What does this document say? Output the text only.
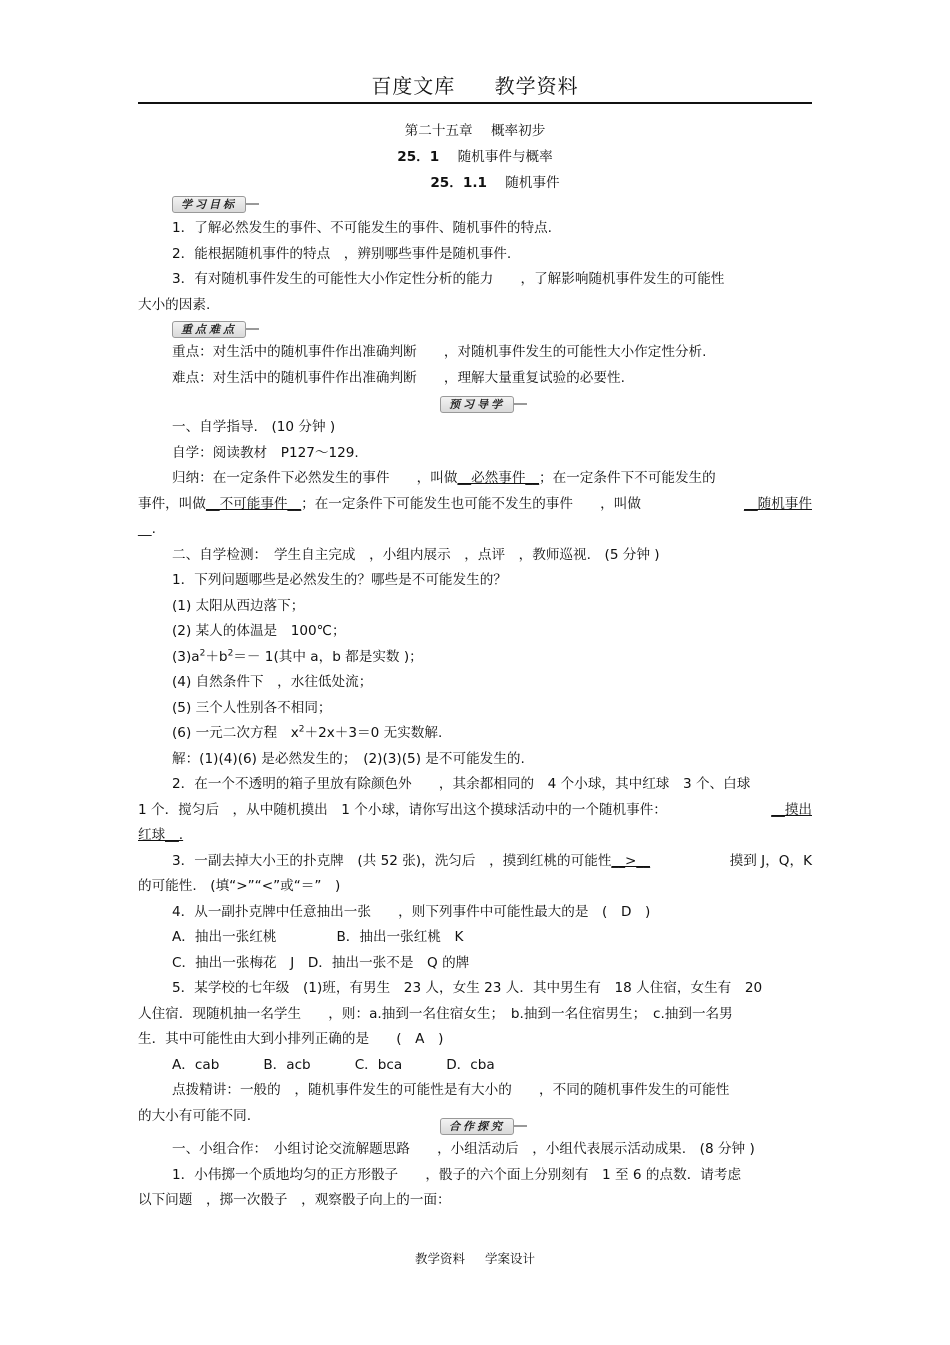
百度文库 教学资料
第二十五章 概率初步
25．1 随机事件与概率
25．1.1 随机事件
学习目标
1．了解必然发生的事件、不可能发生的事件、随机事件的特点.
2．能根据随机事件的特点　，辨别哪些事件是随机事件.
3．有对随机事件发生的可能性大小作定性分析的能力　　，了解影响随机事件发生的可能性
大小的因素.
重点难点
重点：对生活中的随机事件作出准确判断　　，对随机事件发生的可能性大小作定性分析.
难点：对生活中的随机事件作出准确判断　　，理解大量重复试验的必要性.
预习导学
一、自学指导.　(10 分钟 )
自学：阅读教材　P127～129.
归纳：在一定条件下必然发生的事件　　，叫做__必然事件__；在一定条件下不可能发生的
事件，叫做__不可能事件__；在一定条件下可能发生也可能不发生的事件　　，叫做	__随机事件
__.
二、自学检测：　学生自主完成　，小组内展示　，点评　，教师巡视.　(5 分钟 )
1．下列问题哪些是必然发生的？哪些是不可能发生的？
(1) 太阳从西边落下；
(2) 某人的体温是　100℃；
$(3)a^2+b^2=- 1$(其中 a，b 都是实数 )；
(4) 自然条件下　，水往低处流；
(5) 三个人性别各不相同；
(6) 一元二次方程　$x^2+2x+3=0$ 无实数解.
解：(1)(4)(6) 是必然发生的；　(2)(3)(5) 是不可能发生的.
2．在一个不透明的箱子里放有除颜色外　　，其余都相同的　4 个小球，其中红球　3 个、白球
1 个．搅匀后　，从中随机摸出　1 个小球，请你写出这个摸球活动中的一个随机事件：	__摸出
红球__.
3．一副去掉大小王的扑克牌　(共 52 张)，洗匀后　，摸到红桃的可能性__>__	摸到 J，Q，K
的可能性.　(填“>”“<”或“＝”　)
4．从一副扑克牌中任意抽出一张　　，则下列事件中可能性最大的是　(　D　)
A．抽出一张红桃	B．抽出一张红桃　K
C．抽出一张梅花　J　D．抽出一张不是　Q 的牌
5．某学校的七年级　(1)班，有男生　23 人，女生 23 人．其中男生有　18 人住宿，女生有　20
人住宿．现随机抽一名学生　　，则：a.抽到一名住宿女生；　b.抽到一名住宿男生；　c.抽到一名男
生．其中可能性由大到小排列正确的是　　(　A　)
A．cab	B．acb	C．bca	D．cba
点拨精讲：一般的　，随机事件发生的可能性是有大小的　　，不同的随机事件发生的可能性
的大小有可能不同.
合作探究
一、小组合作：　小组讨论交流解题思路　　，小组活动后　，小组代表展示活动成果.　(8 分钟 )
1．小伟掷一个质地均匀的正方形骰子　　，骰子的六个面上分别刻有　1 至 6 的点数．请考虑
以下问题　，掷一次骰子　，观察骰子向上的一面：
教学资料 学案设计
